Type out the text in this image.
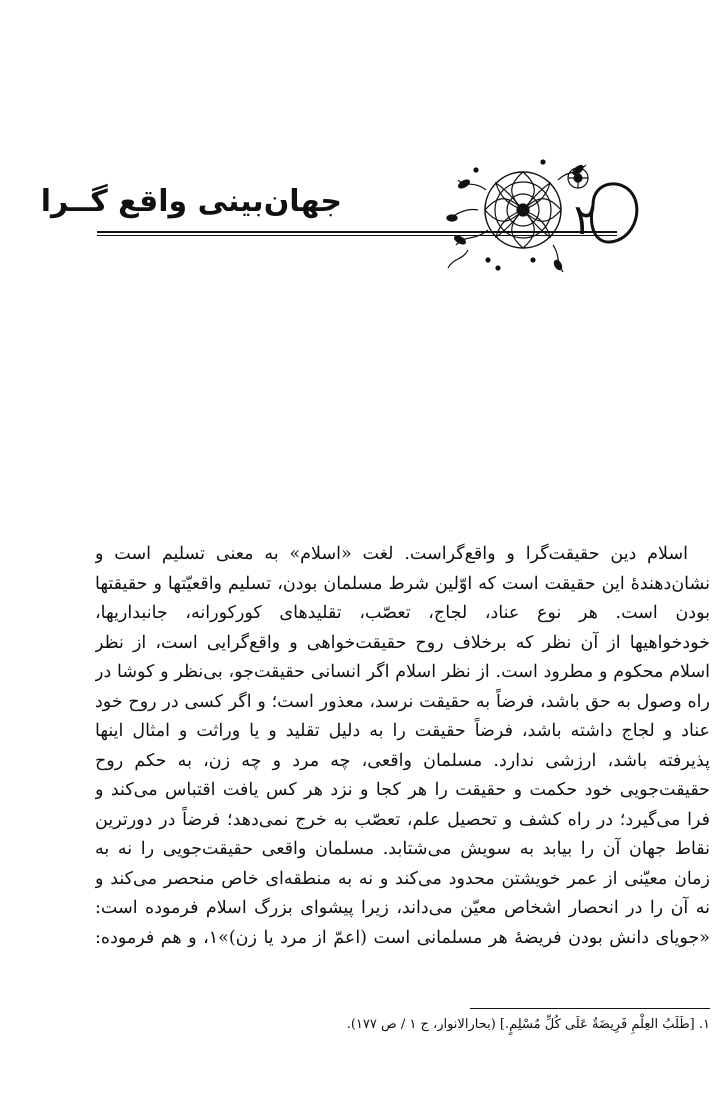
۲
جهان‌بینی واقع گــرا
اسلام دین حقیقت‌گرا و واقع‌گراست. لغت «اسلام» به معنی تسلیم است و
نشان‌دهندهٔ این حقیقت است که اوّلین شرط مسلمان بودن، تسلیم واقعیّتها و حقیقتها
بودن است. هر نوع عناد، لجاج، تعصّب، تقلیدهای کورکورانه، جانبداریها،
خودخواهیها از آن نظر که برخلاف روح حقیقت‌خواهی و واقع‌گرایی است، از نظر
اسلام محکوم و مطرود است. از نظر اسلام اگر انسانی حقیقت‌جو، بی‌نظر و کوشا در
راه وصول به حق باشد، فرضاً به حقیقت نرسد، معذور است؛ و اگر کسی در روح خود
عناد و لجاج داشته باشد، فرضاً حقیقت را به دلیل تقلید و یا وراثت و امثال اینها
پذیرفته باشد، ارزشی ندارد. مسلمان واقعی، چه مرد و چه زن، به حکم روح
حقیقت‌جویی خود حکمت و حقیقت را هر کجا و نزد هر کس یافت اقتباس می‌کند و
فرا می‌گیرد؛ در راه کشف و تحصیل علم، تعصّب به خرج نمی‌دهد؛ فرضاً در دورترین
نقاط جهان آن را بیابد به سویش می‌شتابد. مسلمان واقعی حقیقت‌جویی را نه به
زمان معیّنی از عمر خویشتن محدود می‌کند و نه به منطقه‌ای خاص منحصر می‌کند و
نه آن را در انحصار اشخاص معیّن می‌داند، زیرا پیشوای بزرگ اسلام فرموده است:
«جویای دانش بودن فریضهٔ هر مسلمانی است (اعمّ از مرد یا زن)»١، و هم فرموده:
١. [طَلَبُ العِلْمِ فَرِیضَةٌ عَلَی کُلِّ مُسْلِمٍ.] (بحارالانوار، ج ١ / ص ١٧٧).
